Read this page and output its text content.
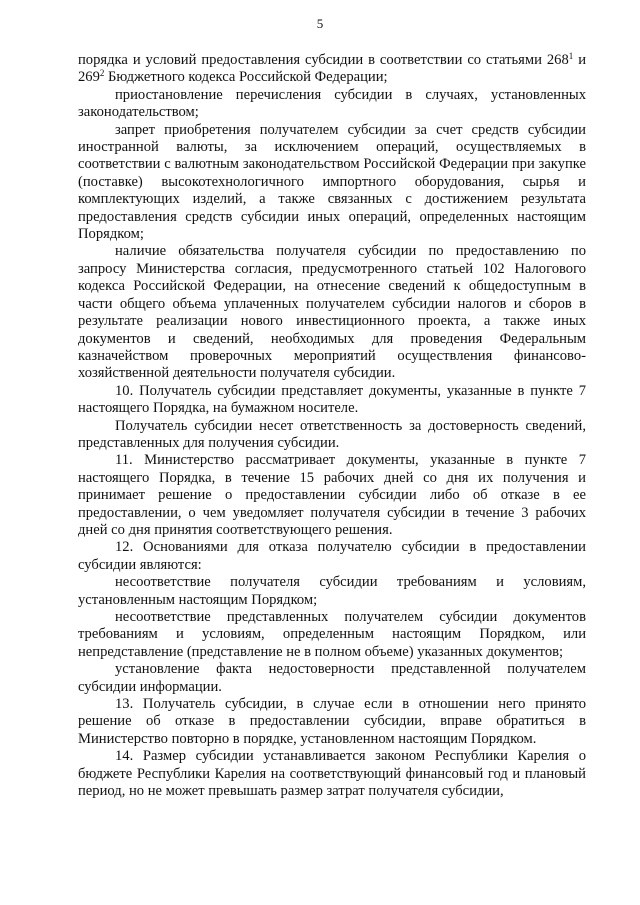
5

порядка и условий предоставления субсидии в соответствии со статьями $268^1$ и $269^2$ Бюджетного кодекса Российской Федерации;

приостановление перечисления субсидии в случаях, установленных законодательством;

запрет приобретения получателем субсидии за счет средств субсидии иностранной валюты, за исключением операций, осуществляемых в соответствии с валютным законодательством Российской Федерации при закупке (поставке) высокотехнологичного импортного оборудования, сырья и комплектующих изделий, а также связанных с достижением результата предоставления средств субсидии иных операций, определенных настоящим Порядком;

наличие обязательства получателя субсидии по предоставлению по запросу Министерства согласия, предусмотренного статьей 102 Налогового кодекса Российской Федерации, на отнесение сведений к общедоступным в части общего объема уплаченных получателем субсидии налогов и сборов в результате реализации нового инвестиционного проекта, а также иных документов и сведений, необходимых для проведения Федеральным казначейством проверочных мероприятий осуществления финансово-хозяйственной деятельности получателя субсидии.

10. Получатель субсидии представляет документы, указанные в пункте 7 настоящего Порядка, на бумажном носителе.

Получатель субсидии несет ответственность за достоверность сведений, представленных для получения субсидии.

11. Министерство рассматривает документы, указанные в пункте 7 настоящего Порядка, в течение 15 рабочих дней со дня их получения и принимает решение о предоставлении субсидии либо об отказе в ее предоставлении, о чем уведомляет получателя субсидии в течение 3 рабочих дней со дня принятия соответствующего решения.

12. Основаниями для отказа получателю субсидии в предоставлении субсидии являются:

несоответствие получателя субсидии требованиям и условиям, установленным настоящим Порядком;

несоответствие представленных получателем субсидии документов требованиям и условиям, определенным настоящим Порядком, или непредставление (представление не в полном объеме) указанных документов;

установление факта недостоверности представленной получателем субсидии информации.

13. Получатель субсидии, в случае если в отношении него принято решение об отказе в предоставлении субсидии, вправе обратиться в Министерство повторно в порядке, установленном настоящим Порядком.

14. Размер субсидии устанавливается законом Республики Карелия о бюджете Республики Карелия на соответствующий финансовый год и плановый период, но не может превышать размер затрат получателя субсидии,
